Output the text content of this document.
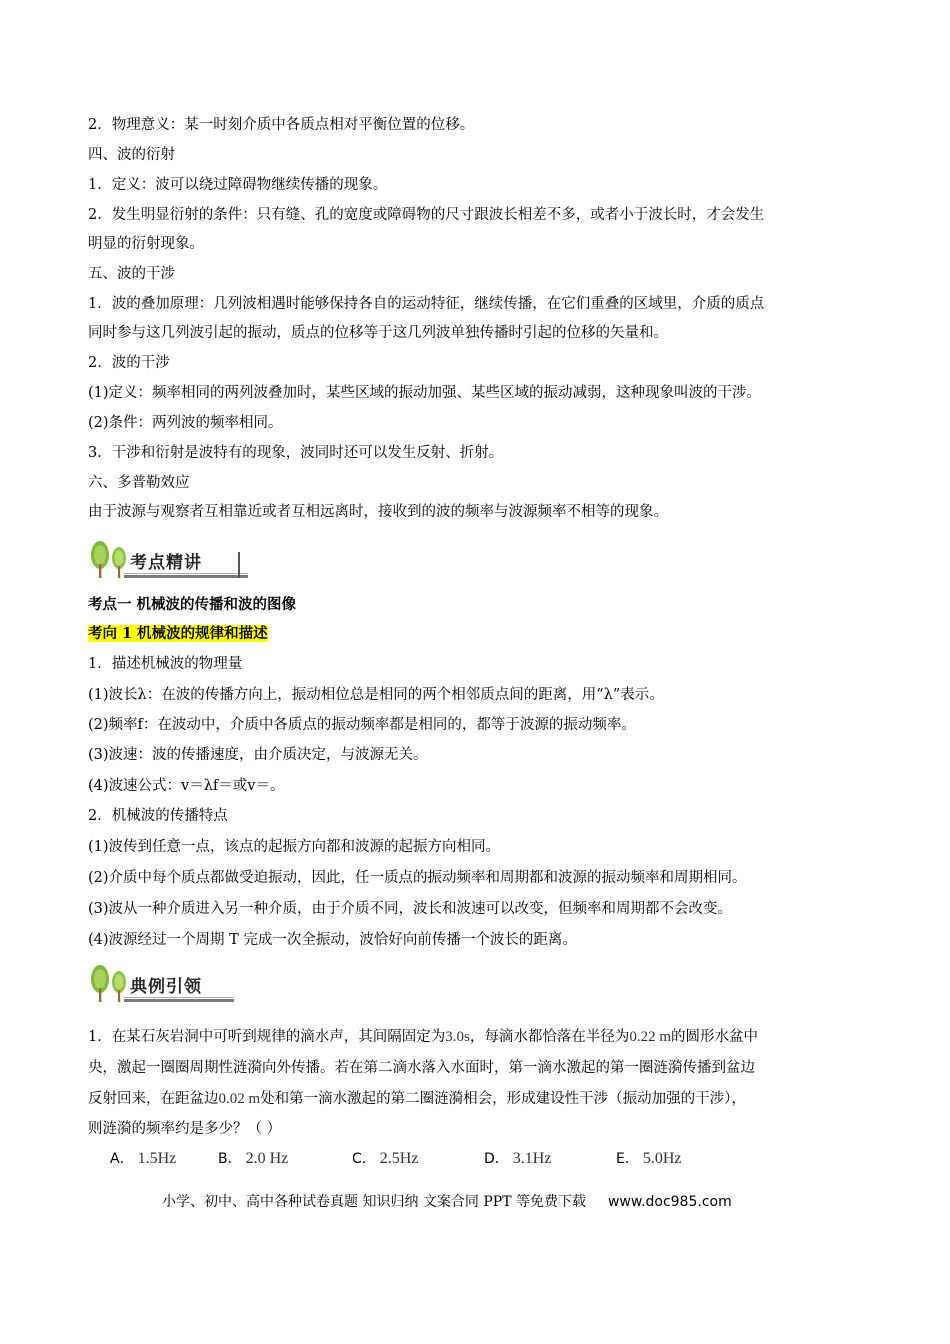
2．物理意义：某一时刻介质中各质点相对平衡位置的位移。
四、波的衍射
1．定义：波可以绕过障碍物继续传播的现象。
2．发生明显衍射的条件：只有缝、孔的宽度或障碍物的尺寸跟波长相差不多，或者小于波长时，才会发生
明显的衍射现象。
五、波的干涉
1．波的叠加原理：几列波相遇时能够保持各自的运动特征，继续传播，在它们重叠的区域里，介质的质点
同时参与这几列波引起的振动，质点的位移等于这几列波单独传播时引起的位移的矢量和。
2．波的干涉
(1)定义：频率相同的两列波叠加时，某些区域的振动加强、某些区域的振动减弱，这种现象叫波的干涉。
(2)条件：两列波的频率相同。
3．干涉和衍射是波特有的现象，波同时还可以发生反射、折射。
六、多普勒效应
由于波源与观察者互相靠近或者互相远离时，接收到的波的频率与波源频率不相等的现象。
考点精讲
考点一 机械波的传播和波的图像
考向 1 机械波的规律和描述
1．描述机械波的物理量
(1)波长λ：在波的传播方向上，振动相位总是相同的两个相邻质点间的距离，用“λ”表示。
(2)频率f：在波动中，介质中各质点的振动频率都是相同的，都等于波源的振动频率。
(3)波速：波的传播速度，由介质决定，与波源无关。
(4)波速公式：v＝λf＝或v＝。
2．机械波的传播特点
(1)波传到任意一点，该点的起振方向都和波源的起振方向相同。
(2)介质中每个质点都做受迫振动，因此，任一质点的振动频率和周期都和波源的振动频率和周期相同。
(3)波从一种介质进入另一种介质，由于介质不同，波长和波速可以改变，但频率和周期都不会改变。
(4)波源经过一个周期 T 完成一次全振动，波恰好向前传播一个波长的距离。
典例引领
1．在某石灰岩洞中可听到规律的滴水声，其间隔固定为3.0s，每滴水都恰落在半径为0.22 m的圆形水盆中
央，激起一圈圈周期性涟漪向外传播。若在第二滴水落入水面时，第一滴水激起的第一圈涟漪传播到盆边
反射回来，在距盆边0.02 m处和第一滴水激起的第二圈涟漪相会，形成建设性干涉（振动加强的干涉），
则涟漪的频率约是多少？（ ）
A． 1.5Hz	B． 2.0 Hz	C． 2.5Hz	D． 3.1Hz	E． 5.0Hz
小学、初中、高中各种试卷真题 知识归纳 文案合同 PPT 等免费下载 www.doc985.com
